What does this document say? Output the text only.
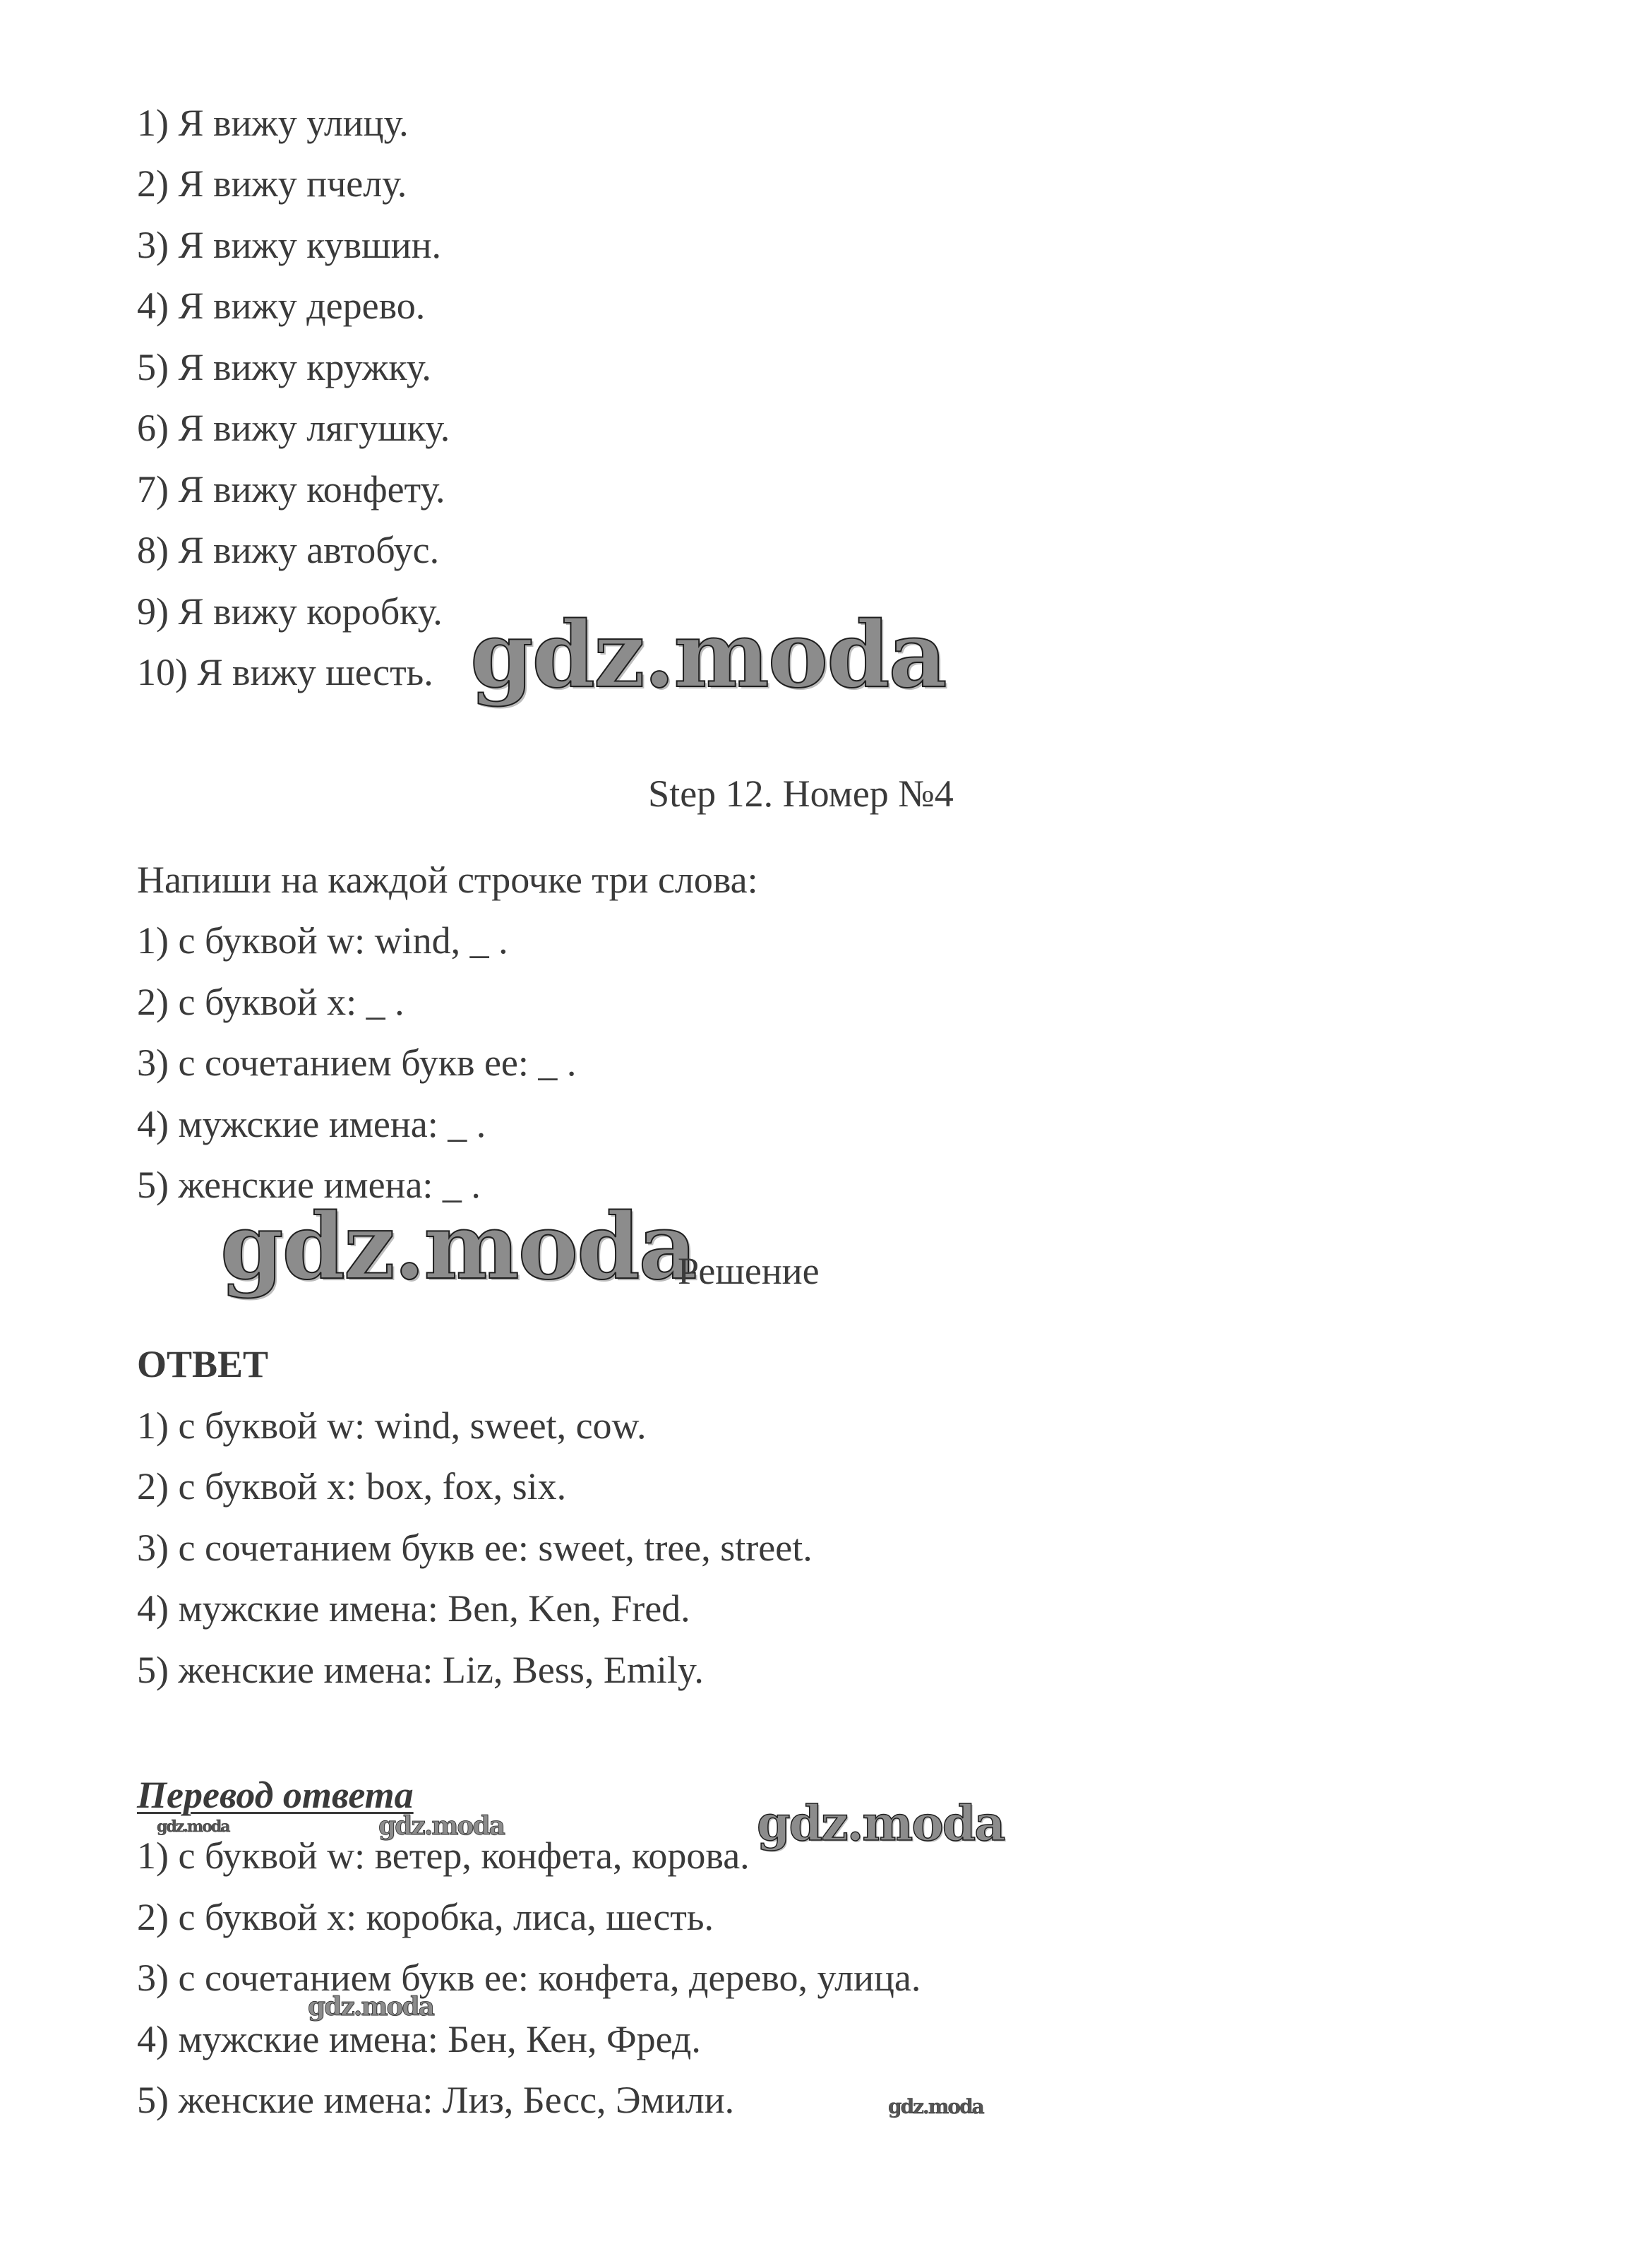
1) Я вижу улицу.
2) Я вижу пчелу.
3) Я вижу кувшин.
4) Я вижу дерево.
5) Я вижу кружку.
6) Я вижу лягушку.
7) Я вижу конфету.
8) Я вижу автобус.
9) Я вижу коробку.
10) Я вижу шесть. gdz.moda
Step 12. Номер №4
Напиши на каждой строчке три слова:
1) с буквой w: wind, _ .
2) с буквой x: _ .
3) с сочетанием букв ee: _ .
4) мужские имена: _ .
5) женские имена: _ .
gdz.moda
Решение
ОТВЕТ
1) с буквой w: wind, sweet, cow.
2) с буквой x: box, fox, six.
3) с сочетанием букв ee: sweet, tree, street.
4) мужские имена: Ben, Ken, Fred.
5) женские имена: Liz, Bess, Emily.
Перевод ответа
gdz.moda	gdz.moda	gdz.moda
1) с буквой w: ветер, конфета, корова.
2) с буквой x: коробка, лиса, шесть.
3) с сочетанием букв ee: конфета, дерево, улица.
gdz.moda
4) мужские имена: Бен, Кен, Фред.
5) женские имена: Лиз, Бесс, Эмили.	gdz.moda
